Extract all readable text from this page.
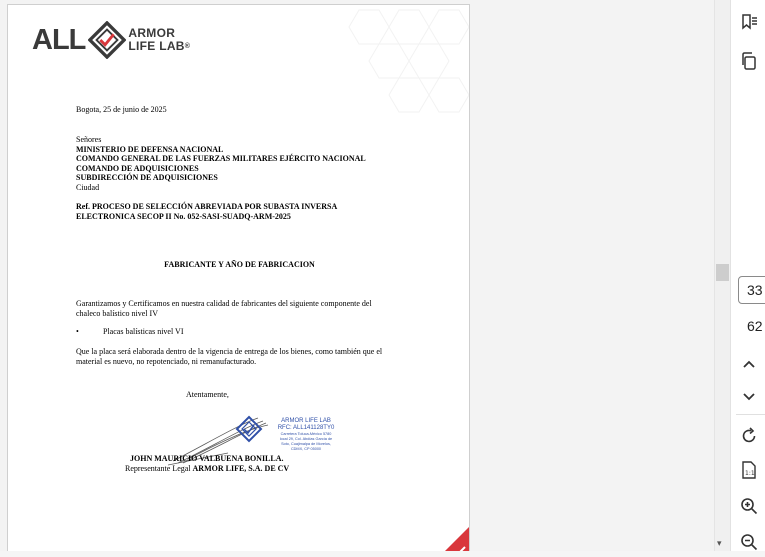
ALL	ARMOR
LIFE LAB®
Bogota, 25 de junio de 2025
Señores
MINISTERIO DE DEFENSA NACIONAL
COMANDO GENERAL DE LAS FUERZAS MILITARES EJÉRCITO NACIONAL
COMANDO DE ADQUISICIONES
SUBDIRECCIÓN DE ADQUISICIONES
Ciudad
Ref. PROCESO DE SELECCIÓN ABREVIADA POR SUBASTA INVERSA
ELECTRONICA SECOP II No. 052-SASI-SUADQ-ARM-2025
FABRICANTE Y AÑO DE FABRICACION
Garantizamos y Certificamos en nuestra calidad de fabricantes del siguiente componente del
chaleco balístico nivel IV
•	Placas balísticas nivel VI
Que la placa será elaborada dentro de la vigencia de entrega de los bienes, como también que el
material es nuevo, no repotenciado, ni remanufacturado.
Atentamente,
ARMOR LIFE LAB
RFC: ALL141128TY0
Carretera Toluca-México 5780
local 29, Col. Abdías García de
Soto, Cuajimalpa de Morelos,
CDMX, CP 05000
JOHN MAURICIO VALBUENA BONILLA.
Representante Legal ARMOR LIFE, S.A. DE CV
▾
33
62
1:1
